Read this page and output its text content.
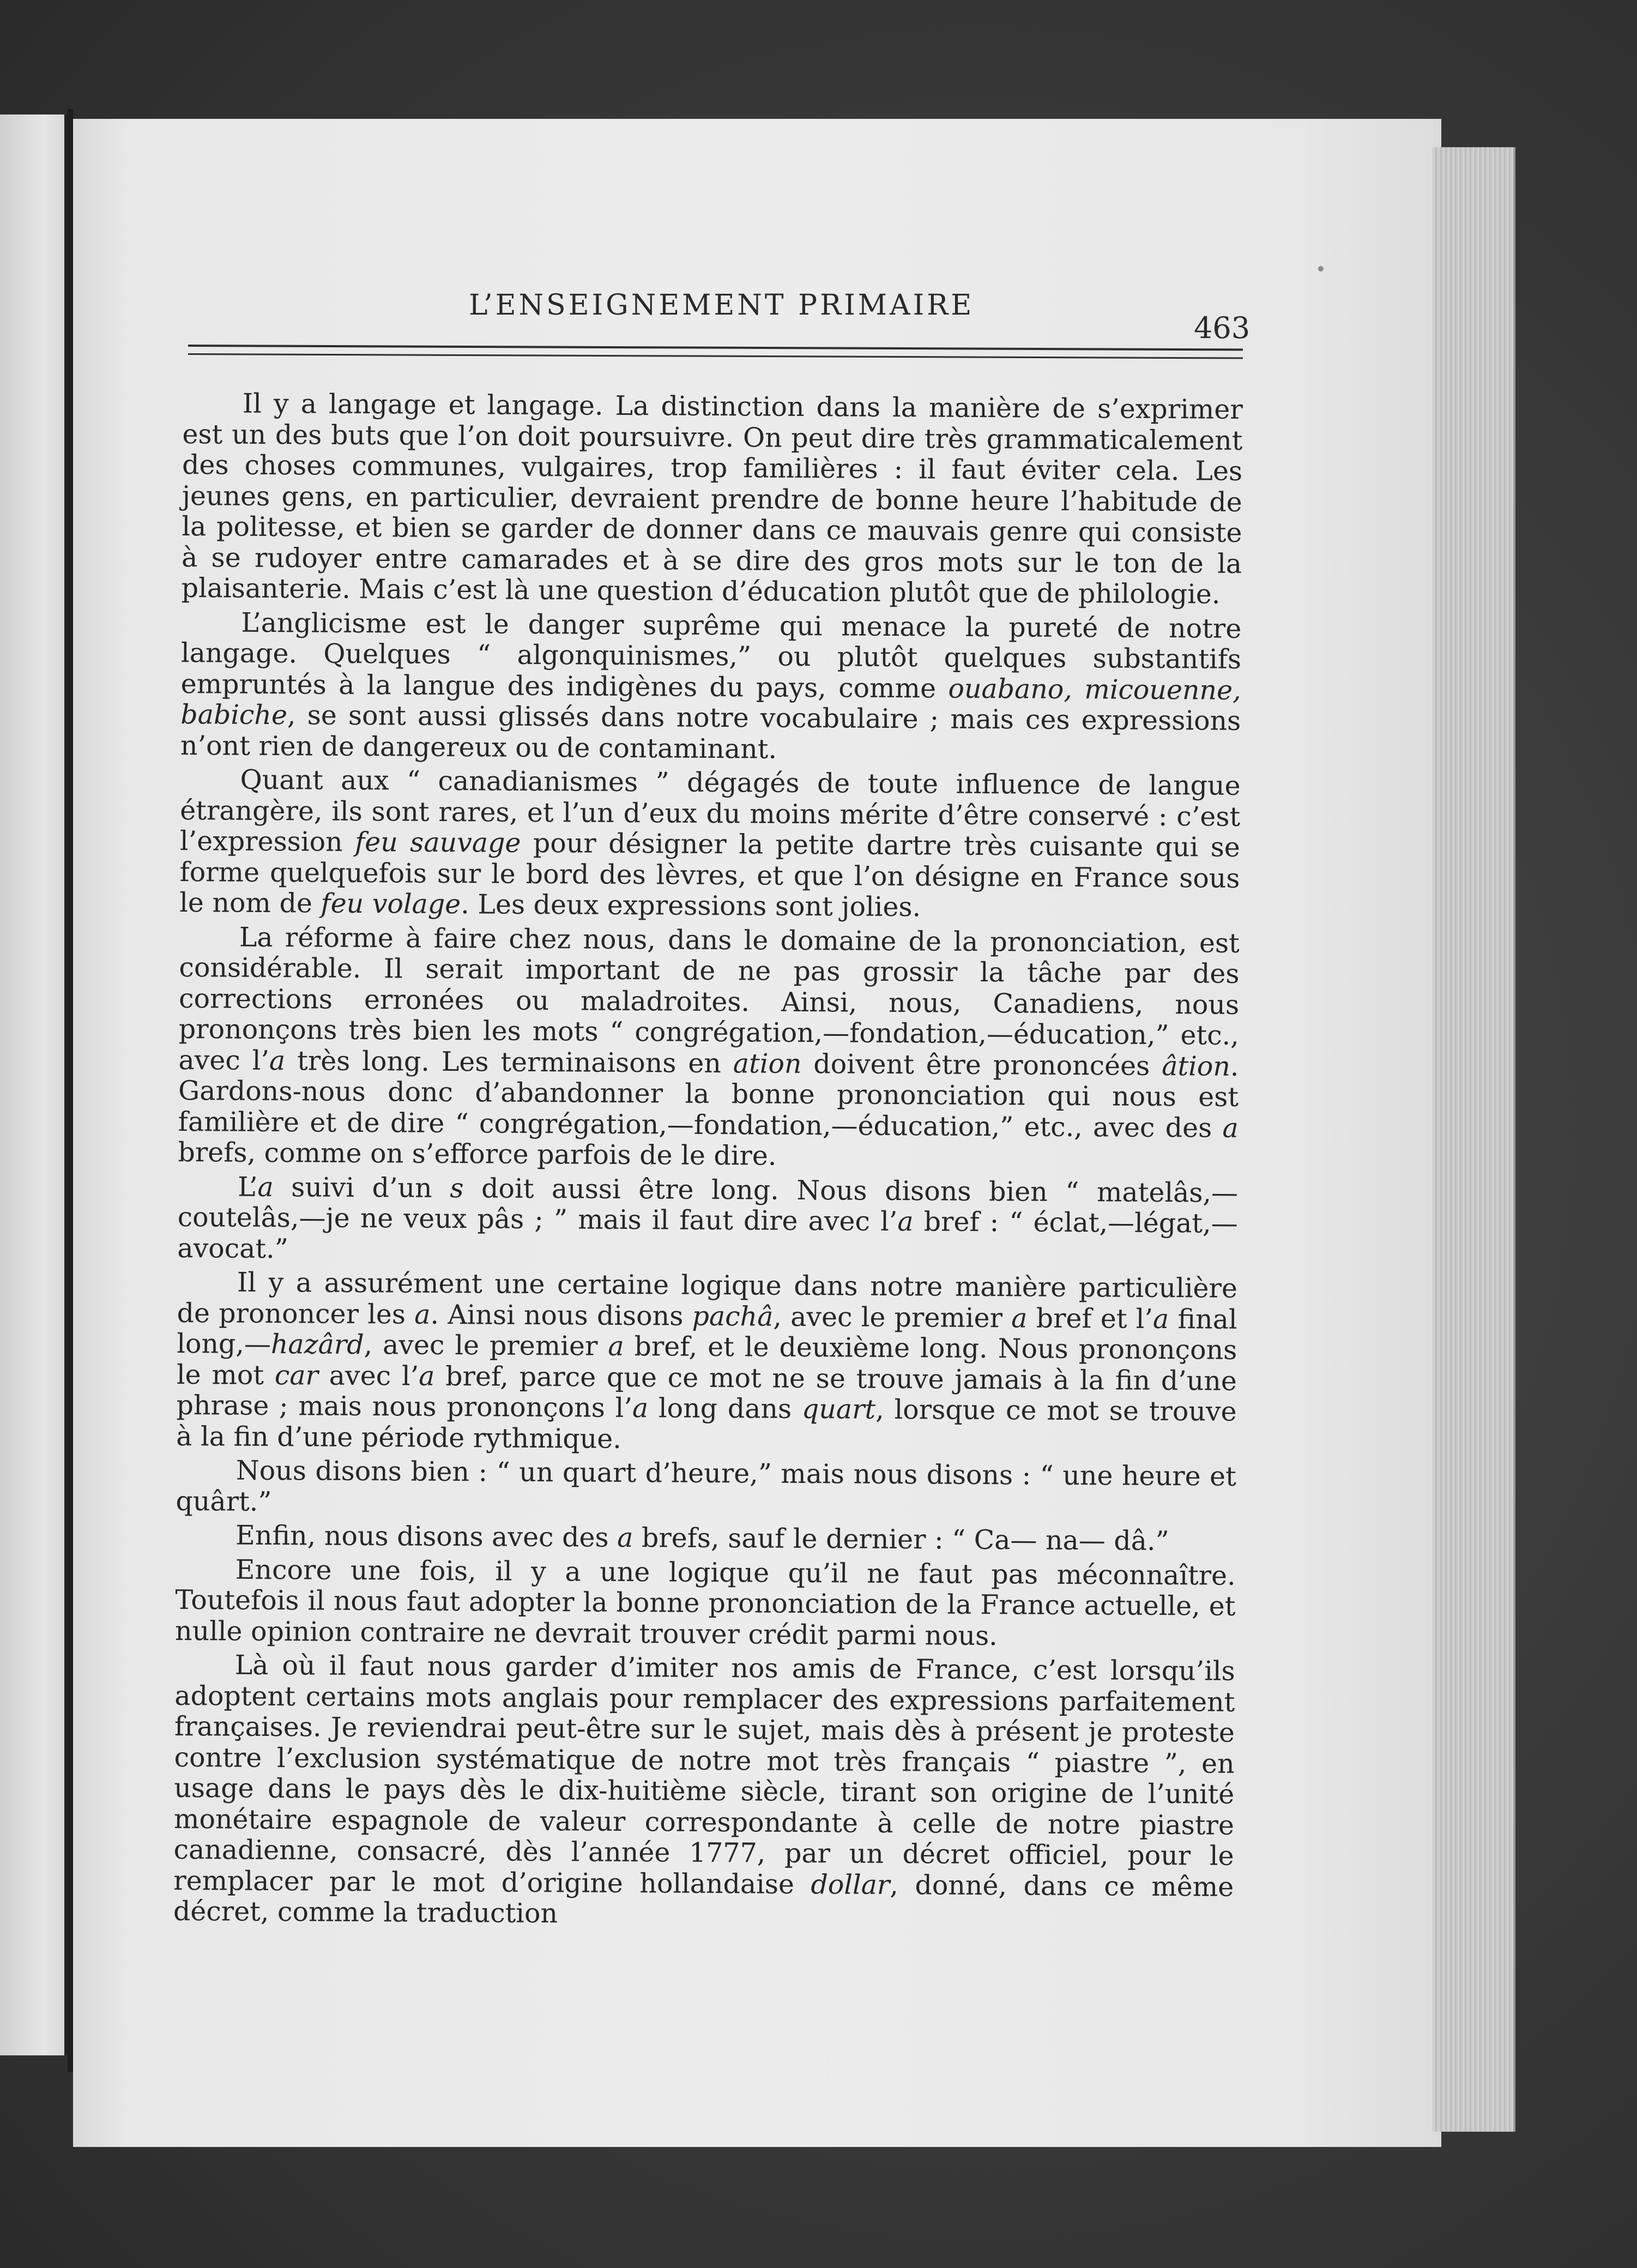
L’ENSEIGNEMENT PRIMAIRE
463

Il y a langage et langage. La distinction dans la manière de s’exprimer est un des buts que l’on doit poursuivre. On peut dire très grammaticalement des choses communes, vulgaires, trop familières : il faut éviter cela. Les jeunes gens, en particulier, devraient prendre de bonne heure l’habitude de la politesse, et bien se garder de donner dans ce mauvais genre qui consiste à se rudoyer entre camarades et à se dire des gros mots sur le ton de la plaisanterie. Mais c’est là une question d’éducation plutôt que de philologie.

L’anglicisme est le danger suprême qui menace la pureté de notre langage. Quelques “ algonquinismes,” ou plutôt quelques substantifs empruntés à la langue des indigènes du pays, comme ouabano, micouenne, babiche, se sont aussi glissés dans notre vocabulaire ; mais ces expressions n’ont rien de dangereux ou de contaminant.

Quant aux “ canadianismes ” dégagés de toute influence de langue étrangère, ils sont rares, et l’un d’eux du moins mérite d’être conservé : c’est l’expression feu sauvage pour désigner la petite dartre très cuisante qui se forme quelquefois sur le bord des lèvres, et que l’on désigne en France sous le nom de feu volage. Les deux expressions sont jolies.

La réforme à faire chez nous, dans le domaine de la prononciation, est considérable. Il serait important de ne pas grossir la tâche par des corrections erronées ou maladroites. Ainsi, nous, Canadiens, nous prononçons très bien les mots “ congrégation,—fondation,—éducation,” etc., avec l’a très long. Les terminaisons en ation doivent être prononcées âtion. Gardons-nous donc d’abandonner la bonne prononciation qui nous est familière et de dire “ congrégation,—fondation,—éducation,” etc., avec des a brefs, comme on s’efforce parfois de le dire.

L’a suivi d’un s doit aussi être long. Nous disons bien “ matelâs,—coutelâs,—je ne veux pâs ; ” mais il faut dire avec l’a bref : “ éclat,—légat,—avocat.”

Il y a assurément une certaine logique dans notre manière particulière de prononcer les a. Ainsi nous disons pachâ, avec le premier a bref et l’a final long,—hazârd, avec le premier a bref, et le deuxième long. Nous prononçons le mot car avec l’a bref, parce que ce mot ne se trouve jamais à la fin d’une phrase ; mais nous prononçons l’a long dans quart, lorsque ce mot se trouve à la fin d’une période rythmique.

Nous disons bien : “ un quart d’heure,” mais nous disons : “ une heure et quârt.”

Enfin, nous disons avec des a brefs, sauf le dernier : “ Ca— na— dâ.”

Encore une fois, il y a une logique qu’il ne faut pas méconnaître. Toutefois il nous faut adopter la bonne prononciation de la France actuelle, et nulle opinion contraire ne devrait trouver crédit parmi nous.

Là où il faut nous garder d’imiter nos amis de France, c’est lorsqu’ils adoptent certains mots anglais pour remplacer des expressions parfaitement françaises. Je reviendrai peut-être sur le sujet, mais dès à présent je proteste contre l’exclusion systématique de notre mot très français “ piastre ”, en usage dans le pays dès le dix-huitième siècle, tirant son origine de l’unité monétaire espagnole de valeur correspondante à celle de notre piastre canadienne, consacré, dès l’année 1777, par un décret officiel, pour le remplacer par le mot d’origine hollandaise dollar, donné, dans ce même décret, comme la traduction
